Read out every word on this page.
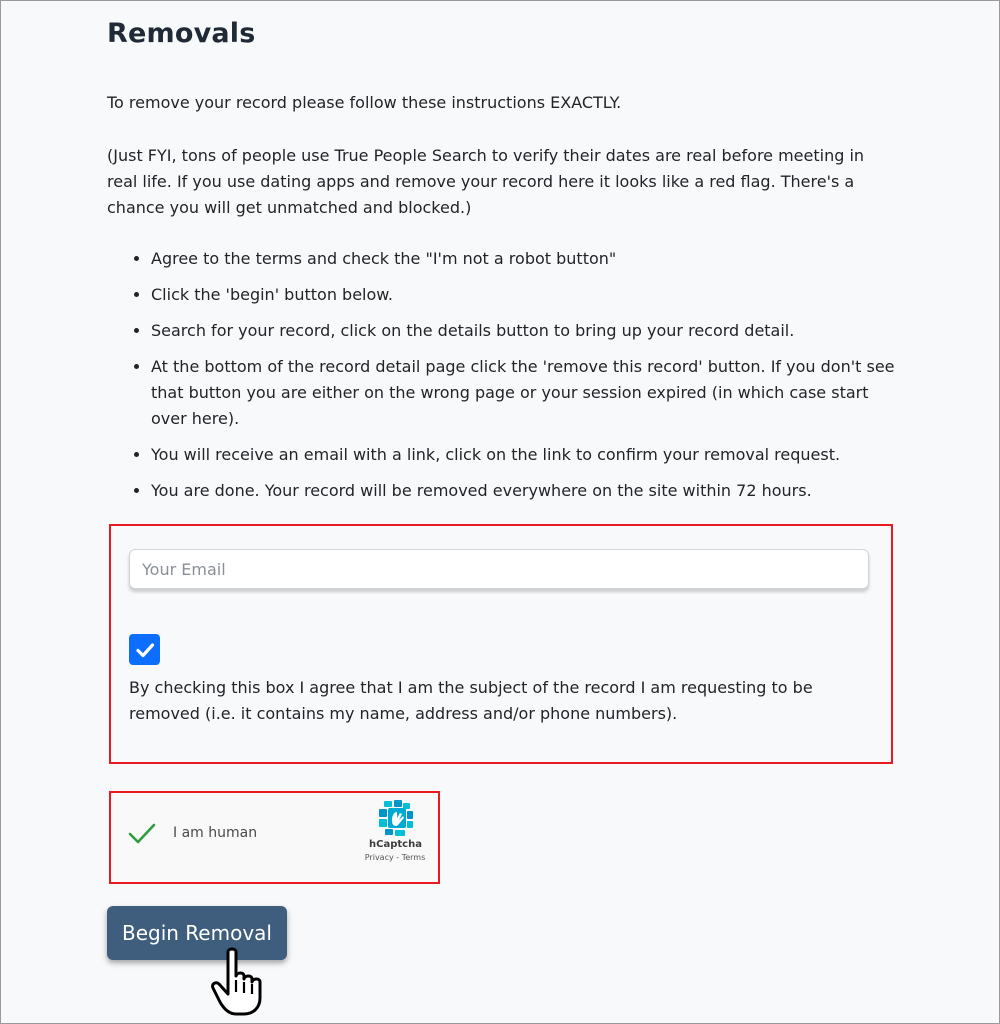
Removals

To remove your record please follow these instructions EXACTLY.

(Just FYI, tons of people use True People Search to verify their dates are real before meeting in real life. If you use dating apps and remove your record here it looks like a red flag. There's a chance you will get unmatched and blocked.)

• Agree to the terms and check the "I'm not a robot button"
• Click the 'begin' button below.
• Search for your record, click on the details button to bring up your record detail.
• At the bottom of the record detail page click the 'remove this record' button. If you don't see that button you are either on the wrong page or your session expired (in which case start over here).
• You will receive an email with a link, click on the link to confirm your removal request.
• You are done. Your record will be removed everywhere on the site within 72 hours.
Your Email

By checking this box I agree that I am the subject of the record I am requesting to be removed (i.e. it contains my name, address and/or phone numbers).

I am human
hCaptcha
Privacy - Terms
Begin Removal
